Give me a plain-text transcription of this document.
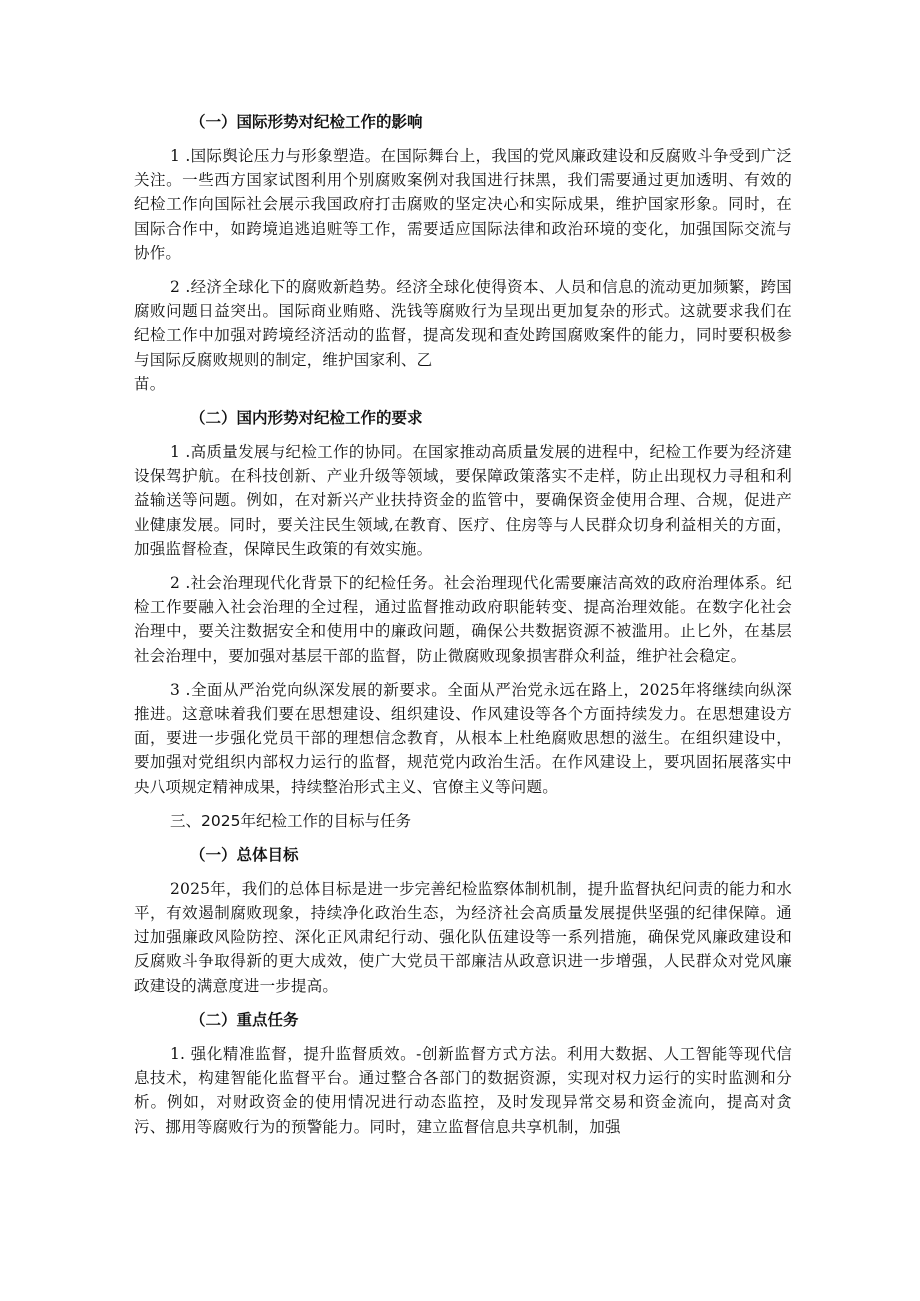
（一）国际形势对纪检工作的影响
1 .国际舆论压力与形象塑造。在国际舞台上，我国的党风廉政建设和反腐败斗争受到广泛关注。一些西方国家试图利用个别腐败案例对我国进行抹黑，我们需要通过更加透明、有效的纪检工作向国际社会展示我国政府打击腐败的坚定决心和实际成果，维护国家形象。同时，在国际合作中，如跨境追逃追赃等工作，需要适应国际法律和政治环境的变化，加强国际交流与协作。
2 .经济全球化下的腐败新趋势。经济全球化使得资本、人员和信息的流动更加频繁，跨国腐败问题日益突出。国际商业贿赂、洗钱等腐败行为呈现出更加复杂的形式。这就要求我们在纪检工作中加强对跨境经济活动的监督，提高发现和查处跨国腐败案件的能力，同时要积极参与国际反腐败规则的制定，维护国家利、乙
苗。
（二）国内形势对纪检工作的要求
1 .高质量发展与纪检工作的协同。在国家推动高质量发展的进程中，纪检工作要为经济建设保驾护航。在科技创新、产业升级等领域，要保障政策落实不走样，防止出现权力寻租和利益输送等问题。例如，在对新兴产业扶持资金的监管中，要确保资金使用合理、合规，促进产业健康发展。同时，要关注民生领域,在教育、医疗、住房等与人民群众切身利益相关的方面，加强监督检查，保障民生政策的有效实施。
2 .社会治理现代化背景下的纪检任务。社会治理现代化需要廉洁高效的政府治理体系。纪检工作要融入社会治理的全过程，通过监督推动政府职能转变、提高治理效能。在数字化社会治理中，要关注数据安全和使用中的廉政问题，确保公共数据资源不被滥用。止匕外，在基层社会治理中，要加强对基层干部的监督，防止微腐败现象损害群众利益，维护社会稳定。
3 .全面从严治党向纵深发展的新要求。全面从严治党永远在路上，2025年将继续向纵深推进。这意味着我们要在思想建设、组织建设、作风建设等各个方面持续发力。在思想建设方面，要进一步强化党员干部的理想信念教育，从根本上杜绝腐败思想的滋生。在组织建设中，要加强对党组织内部权力运行的监督，规范党内政治生活。在作风建设上，要巩固拓展落实中央八项规定精神成果，持续整治形式主义、官僚主义等问题。
三、2025年纪检工作的目标与任务
（一）总体目标
2025年，我们的总体目标是进一步完善纪检监察体制机制，提升监督执纪问责的能力和水平，有效遏制腐败现象，持续净化政治生态，为经济社会高质量发展提供坚强的纪律保障。通过加强廉政风险防控、深化正风肃纪行动、强化队伍建设等一系列措施，确保党风廉政建设和反腐败斗争取得新的更大成效，使广大党员干部廉洁从政意识进一步增强，人民群众对党风廉政建设的满意度进一步提高。
（二）重点任务
1. 强化精准监督，提升监督质效。-创新监督方式方法。利用大数据、人工智能等现代信息技术，构建智能化监督平台。通过整合各部门的数据资源，实现对权力运行的实时监测和分析。例如，对财政资金的使用情况进行动态监控，及时发现异常交易和资金流向，提高对贪污、挪用等腐败行为的预警能力。同时，建立监督信息共享机制，加强
